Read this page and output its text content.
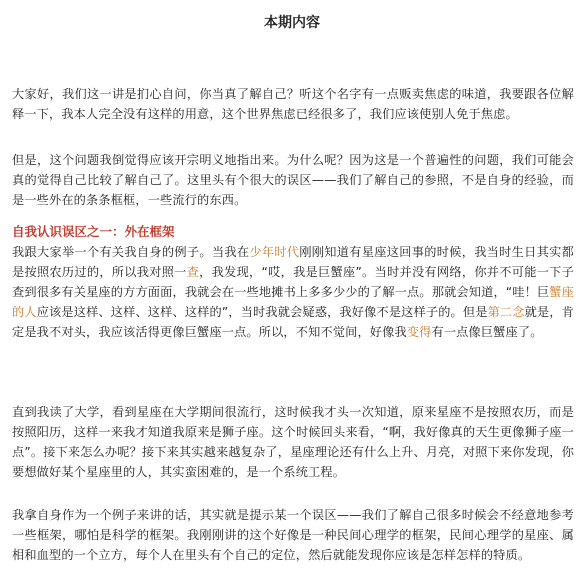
本期内容
大家好，我们这一讲是扪心自问，你当真了解自己？听这个名字有一点贩卖焦虑的味道，我要跟各位解释一下，我本人完全没有这样的用意，这个世界焦虑已经很多了，我们应该使别人免于焦虑。
但是，这个问题我倒觉得应该开宗明义地指出来。为什么呢？因为这是一个普遍性的问题，我们可能会真的觉得自己比较了解自己了。这里头有个很大的误区——我们了解自己的参照，不是自身的经验，而是一些外在的条条框框，一些流行的东西。
自我认识误区之一：外在框架
我跟大家举一个有关我自身的例子。当我在少年时代刚刚知道有星座这回事的时候，我当时生日其实都是按照农历过的，所以我对照一查，我发现，“哎，我是巨蟹座”。当时并没有网络，你并不可能一下子查到很多有关星座的方方面面，我就会在一些地摊书上多多少少的了解一点。那就会知道，“哇！巨蟹座的人应该是这样、这样、这样、这样的”，当时我就会疑惑，我好像不是这样子的。但是第二念就是，肯定是我不对头，我应该活得更像巨蟹座一点。所以，不知不觉间，好像我变得有一点像巨蟹座了。
直到我读了大学，看到星座在大学期间很流行，这时候我才头一次知道，原来星座不是按照农历，而是按照阳历，这样一来我才知道我原来是狮子座。这个时候回头来看，“啊，我好像真的天生更像狮子座一点”。接下来怎么办呢？接下来其实越来越复杂了，星座理论还有什么上升、月亮，对照下来你发现，你要想做好某个星座里的人，其实蛮困难的，是一个系统工程。
我拿自身作为一个例子来讲的话，其实就是提示某一个误区——我们了解自己很多时候会不经意地参考一些框架，哪怕是科学的框架。我刚刚讲的这个好像是一种民间心理学的框架，民间心理学的星座、属相和血型的一个立方，每个人在里头有个自己的定位，然后就能发现你应该是怎样怎样的特质。
